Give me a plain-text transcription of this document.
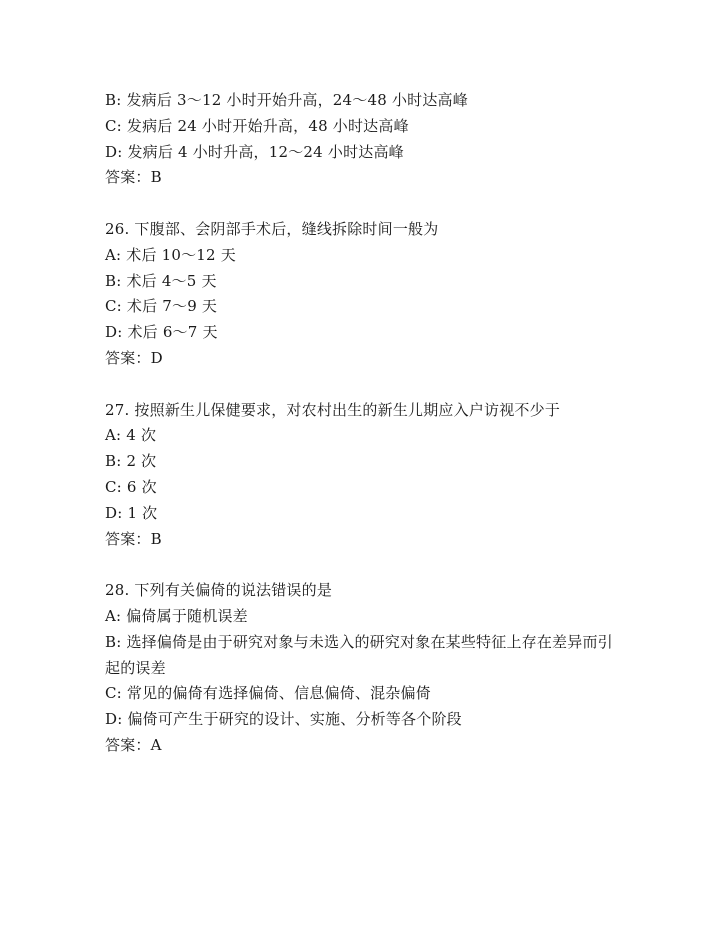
B: 发病后 3～12 小时开始升高，24～48 小时达高峰
C: 发病后 24 小时开始升高，48 小时达高峰
D: 发病后 4 小时升高，12～24 小时达高峰
答案：B
26. 下腹部、会阴部手术后，缝线拆除时间一般为
A: 术后 10～12 天
B: 术后 4～5 天
C: 术后 7～9 天
D: 术后 6～7 天
答案：D
27. 按照新生儿保健要求，对农村出生的新生儿期应入户访视不少于
A: 4 次
B: 2 次
C: 6 次
D: 1 次
答案：B
28. 下列有关偏倚的说法错误的是
A: 偏倚属于随机误差
B: 选择偏倚是由于研究对象与未选入的研究对象在某些特征上存在差异而引起的误差
C: 常见的偏倚有选择偏倚、信息偏倚、混杂偏倚
D: 偏倚可产生于研究的设计、实施、分析等各个阶段
答案：A
